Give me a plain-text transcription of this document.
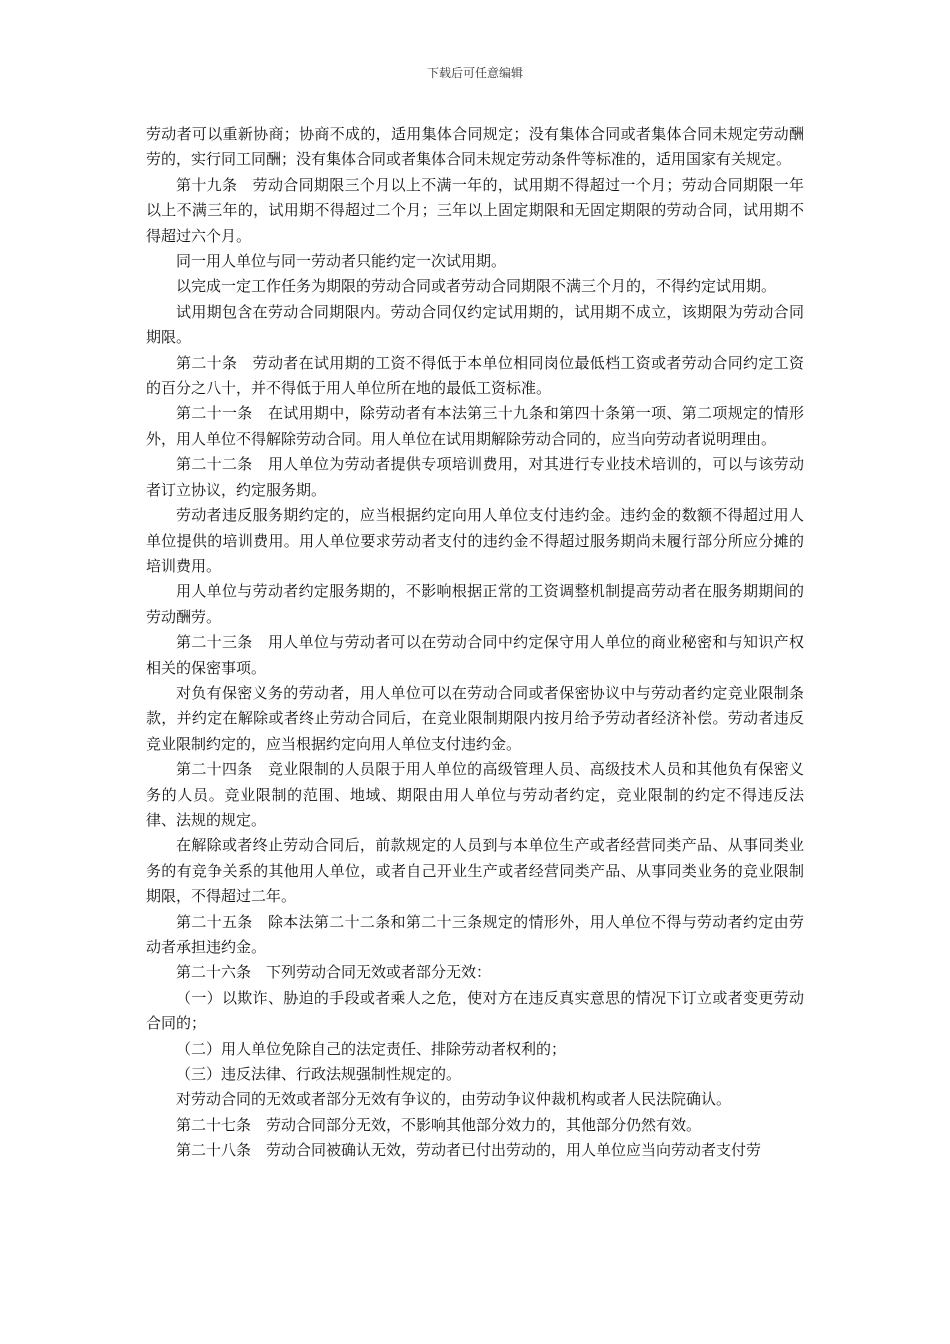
下载后可任意编辑

劳动者可以重新协商；协商不成的，适用集体合同规定；没有集体合同或者集体合同未规定劳动酬劳的，实行同工同酬；没有集体合同或者集体合同未规定劳动条件等标准的，适用国家有关规定。

第十九条　劳动合同期限三个月以上不满一年的，试用期不得超过一个月；劳动合同期限一年以上不满三年的，试用期不得超过二个月；三年以上固定期限和无固定期限的劳动合同，试用期不得超过六个月。

同一用人单位与同一劳动者只能约定一次试用期。

以完成一定工作任务为期限的劳动合同或者劳动合同期限不满三个月的，不得约定试用期。

试用期包含在劳动合同期限内。劳动合同仅约定试用期的，试用期不成立，该期限为劳动合同期限。

第二十条　劳动者在试用期的工资不得低于本单位相同岗位最低档工资或者劳动合同约定工资的百分之八十，并不得低于用人单位所在地的最低工资标准。

第二十一条　在试用期中，除劳动者有本法第三十九条和第四十条第一项、第二项规定的情形外，用人单位不得解除劳动合同。用人单位在试用期解除劳动合同的，应当向劳动者说明理由。

第二十二条　用人单位为劳动者提供专项培训费用，对其进行专业技术培训的，可以与该劳动者订立协议，约定服务期。

劳动者违反服务期约定的，应当根据约定向用人单位支付违约金。违约金的数额不得超过用人单位提供的培训费用。用人单位要求劳动者支付的违约金不得超过服务期尚未履行部分所应分摊的培训费用。

用人单位与劳动者约定服务期的，不影响根据正常的工资调整机制提高劳动者在服务期期间的劳动酬劳。

第二十三条　用人单位与劳动者可以在劳动合同中约定保守用人单位的商业秘密和与知识产权相关的保密事项。

对负有保密义务的劳动者，用人单位可以在劳动合同或者保密协议中与劳动者约定竞业限制条款，并约定在解除或者终止劳动合同后，在竞业限制期限内按月给予劳动者经济补偿。劳动者违反竞业限制约定的，应当根据约定向用人单位支付违约金。

第二十四条　竞业限制的人员限于用人单位的高级管理人员、高级技术人员和其他负有保密义务的人员。竞业限制的范围、地域、期限由用人单位与劳动者约定，竞业限制的约定不得违反法律、法规的规定。

在解除或者终止劳动合同后，前款规定的人员到与本单位生产或者经营同类产品、从事同类业务的有竞争关系的其他用人单位，或者自己开业生产或者经营同类产品、从事同类业务的竞业限制期限，不得超过二年。

第二十五条　除本法第二十二条和第二十三条规定的情形外，用人单位不得与劳动者约定由劳动者承担违约金。

第二十六条　下列劳动合同无效或者部分无效：

（一）以欺诈、胁迫的手段或者乘人之危，使对方在违反真实意思的情况下订立或者变更劳动合同的；

（二）用人单位免除自己的法定责任、排除劳动者权利的；

（三）违反法律、行政法规强制性规定的。

对劳动合同的无效或者部分无效有争议的，由劳动争议仲裁机构或者人民法院确认。

第二十七条　劳动合同部分无效，不影响其他部分效力的，其他部分仍然有效。

第二十八条　劳动合同被确认无效，劳动者已付出劳动的，用人单位应当向劳动者支付劳
